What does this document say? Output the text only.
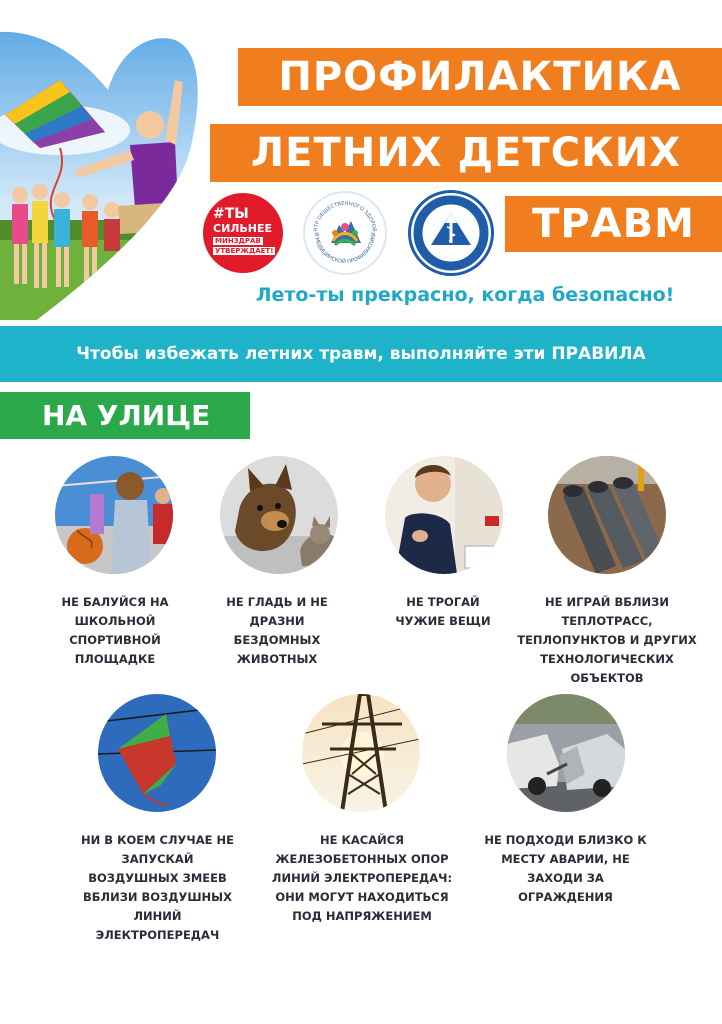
ПРОФИЛАКТИКА
ЛЕТНИХ ДЕТСКИХ
ТРАВМ
#ТЫ
СИЛЬНЕЕ
МИНЗДРАВ
УТВЕРЖДАЕТ!
НТР ОБЩЕСТВЕННОГО ЗДОРОВ
И МЕДИЦИНСКОЙ ПРОФИЛАКТИКИ
Лето-ты прекрасно, когда безопасно!
Чтобы избежать летних травм, выполняйте эти ПРАВИЛА
НА УЛИЦЕ
НЕ БАЛУЙСЯ НА
ШКОЛЬНОЙ
СПОРТИВНОЙ
ПЛОЩАДКЕ
НЕ ГЛАДЬ И НЕ
ДРАЗНИ
БЕЗДОМНЫХ
ЖИВОТНЫХ
НЕ ТРОГАЙ
ЧУЖИЕ ВЕЩИ
НЕ ИГРАЙ ВБЛИЗИ
ТЕПЛОТРАСС,
ТЕПЛОПУНКТОВ И ДРУГИХ
ТЕХНОЛОГИЧЕСКИХ
ОБЪЕКТОВ
НИ В КОЕМ СЛУЧАЕ НЕ
ЗАПУСКАЙ
ВОЗДУШНЫХ ЗМЕЕВ
ВБЛИЗИ ВОЗДУШНЫХ
ЛИНИЙ
ЭЛЕКТРОПЕРЕДАЧ
НЕ КАСАЙСЯ
ЖЕЛЕЗОБЕТОННЫХ ОПОР
ЛИНИЙ ЭЛЕКТРОПЕРЕДАЧ:
ОНИ МОГУТ НАХОДИТЬСЯ
ПОД НАПРЯЖЕНИЕМ
НЕ ПОДХОДИ БЛИЗКО К
МЕСТУ АВАРИИ, НЕ
ЗАХОДИ ЗА
ОГРАЖДЕНИЯ
